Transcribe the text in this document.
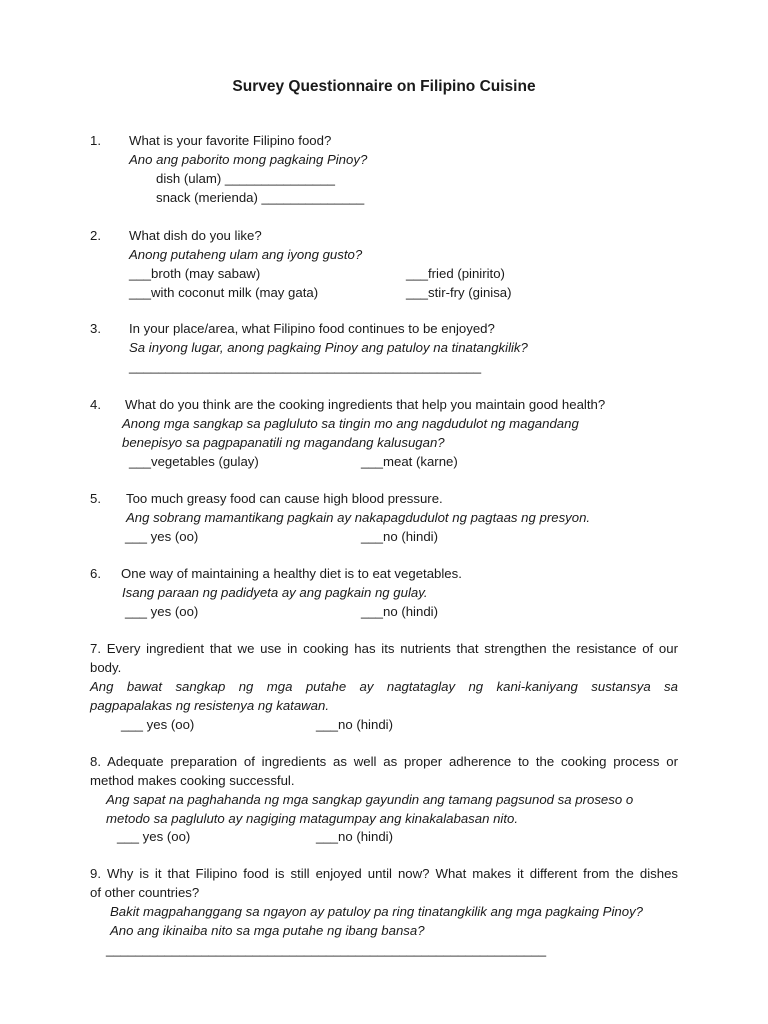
Survey Questionnaire on Filipino Cuisine
1. What is your favorite Filipino food?
Ano ang paborito mong pagkaing Pinoy?
dish (ulam) _______________
snack (merienda) ______________
2. What dish do you like?
Anong putaheng ulam ang iyong gusto?
___broth (may sabaw)	___fried (pinirito)
___with coconut milk (may gata)	___stir-fry (ginisa)
3. In your place/area, what Filipino food continues to be enjoyed?
Sa inyong lugar, anong pagkaing Pinoy ang patuloy na tinatangkilik?
________________________________________________
4. What do you think are the cooking ingredients that help you maintain good health?
Anong mga sangkap sa pagluluto sa tingin mo ang nagdudulot ng magandang
benepisyo sa pagpapanatili ng magandang kalusugan?
___vegetables (gulay)	___meat (karne)
5. Too much greasy food can cause high blood pressure.
Ang sobrang mamantikang pagkain ay nakapagdudulot ng pagtaas ng presyon.
___ yes (oo)	___no (hindi)
6. One way of maintaining a healthy diet is to eat vegetables.
Isang paraan ng padidyeta ay ang pagkain ng gulay.
___ yes (oo)	___no (hindi)
7. Every ingredient that we use in cooking has its nutrients that strengthen the resistance of our
body.
Ang bawat sangkap ng mga putahe ay nagtataglay ng kani-kaniyang sustansya sa
pagpapalakas ng resistenya ng katawan.
___ yes (oo)	___no (hindi)
8. Adequate preparation of ingredients as well as proper adherence to the cooking process or
method makes cooking successful.
Ang sapat na paghahanda ng mga sangkap gayundin ang tamang pagsunod sa proseso o
metodo sa pagluluto ay nagiging matagumpay ang kinakalabasan nito.
___ yes (oo)	___no (hindi)
9. Why is it that Filipino food is still enjoyed until now? What makes it different from the dishes
of other countries?
Bakit magpahanggang sa ngayon ay patuloy pa ring tinatangkilik ang mga pagkaing Pinoy?
Ano ang ikinaiba nito sa mga putahe ng ibang bansa?
____________________________________________________________
